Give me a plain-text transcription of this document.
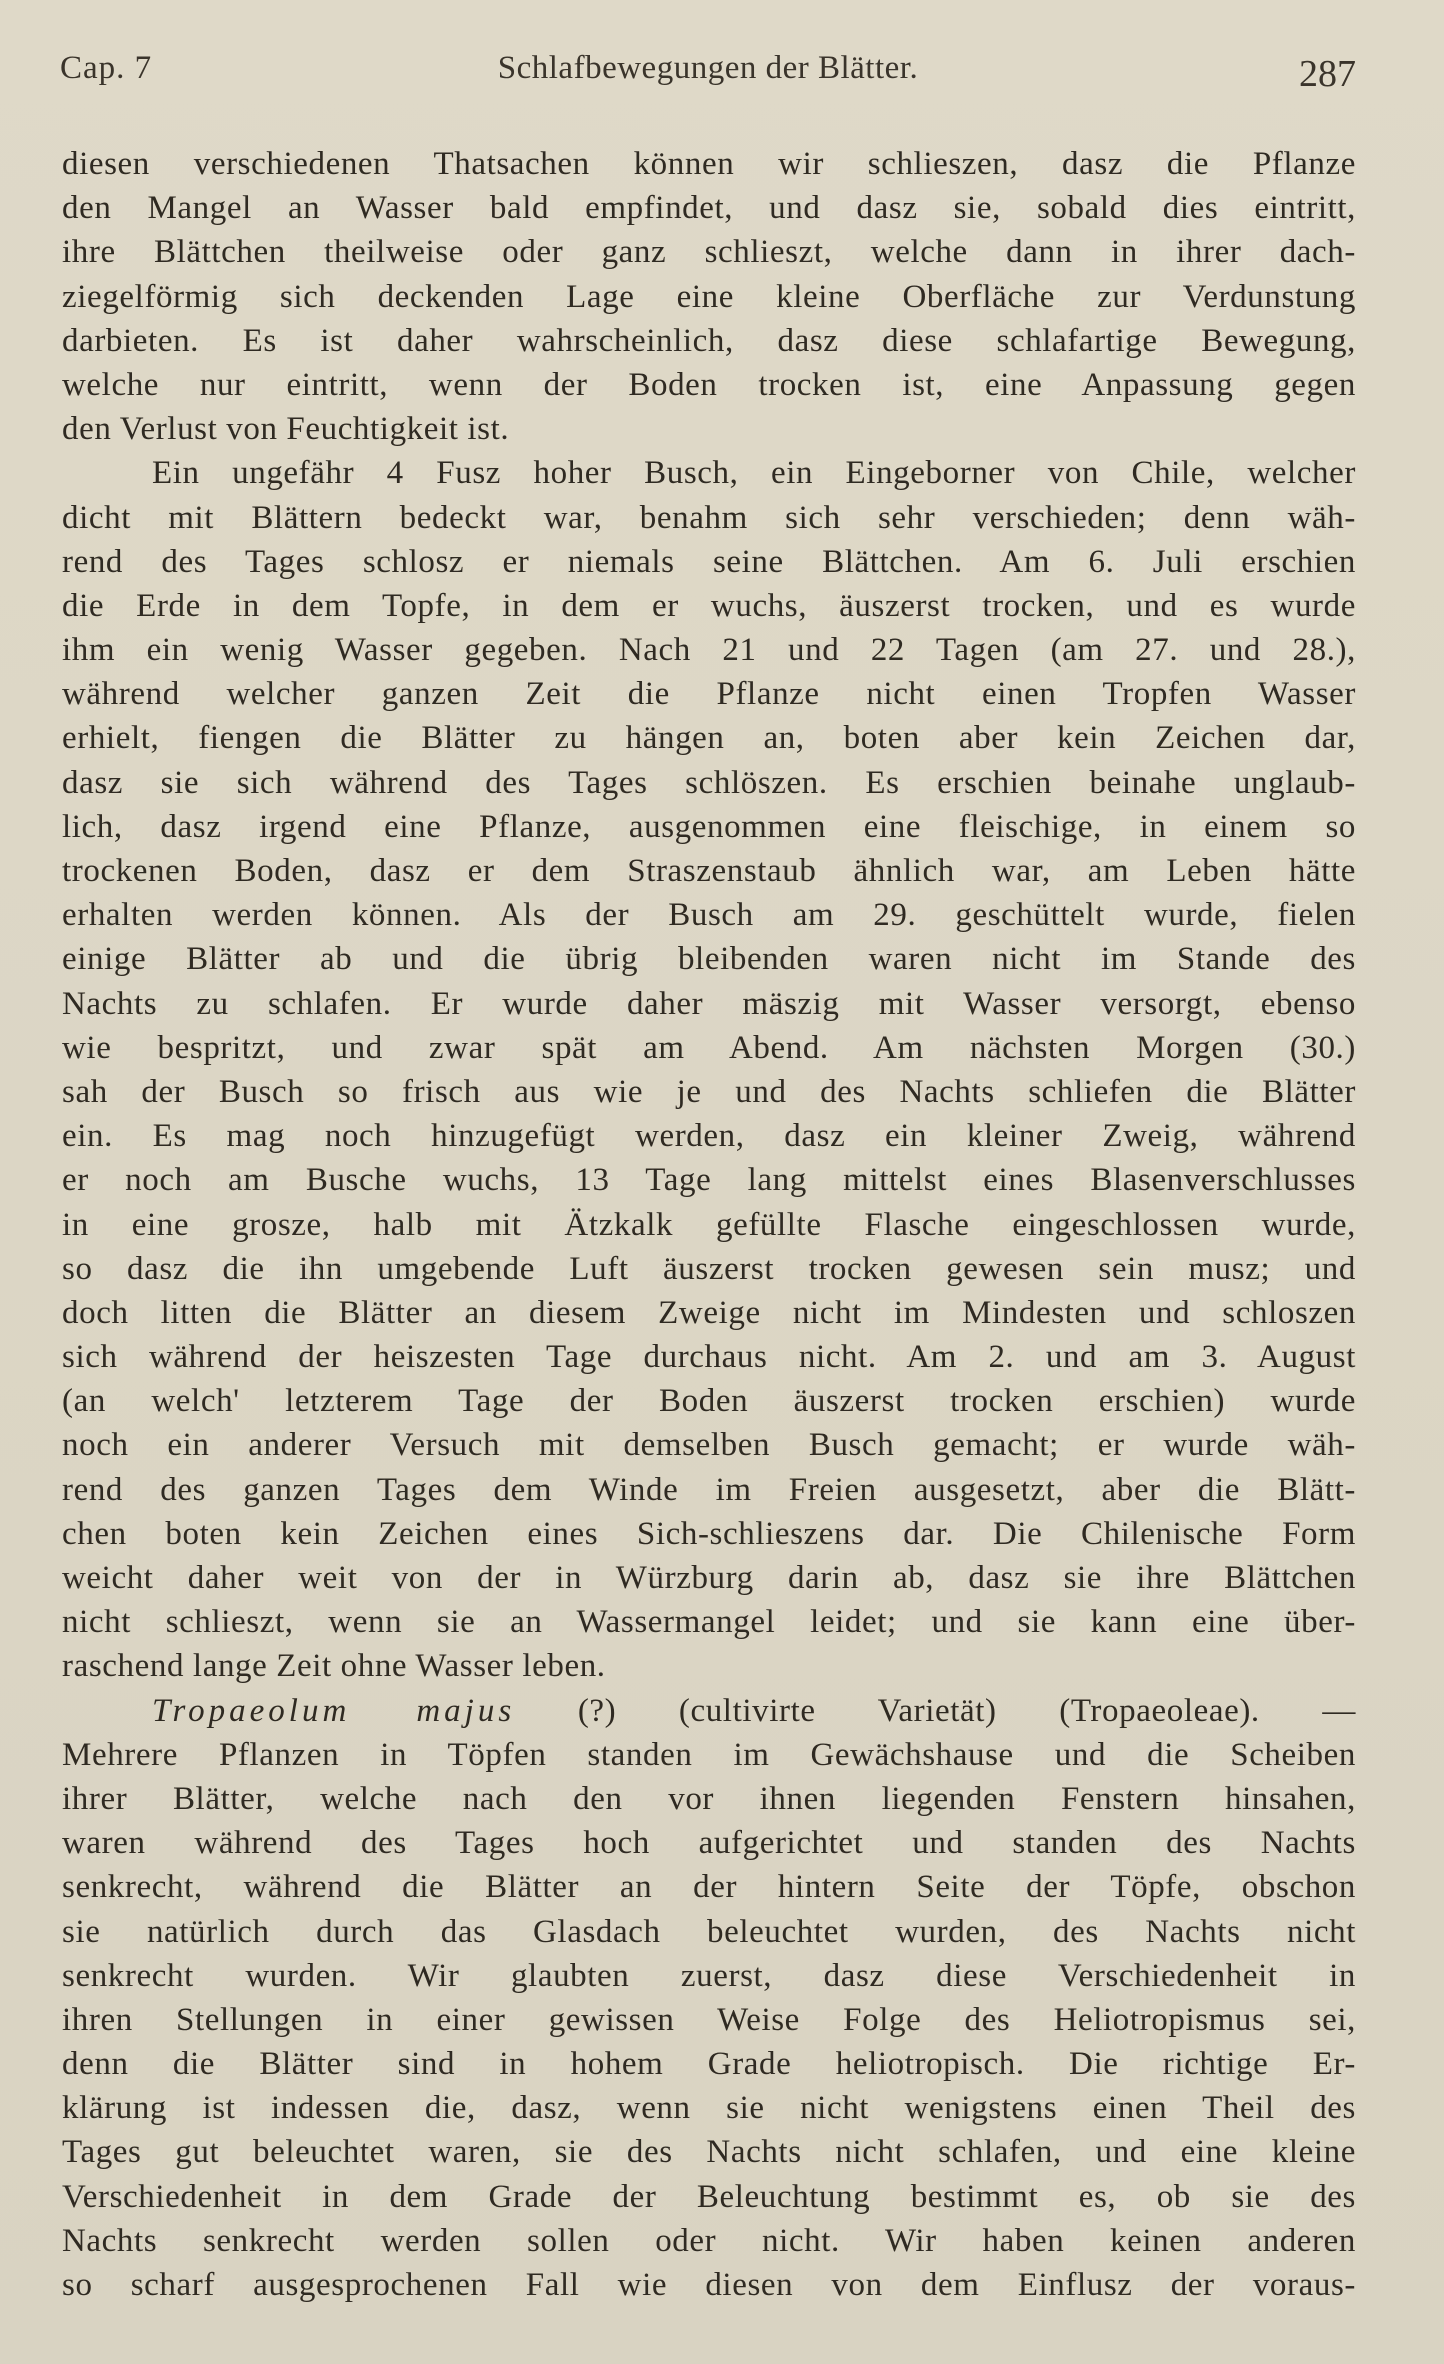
Cap. 7	Schlafbewegungen der Blätter.	287
diesen verschiedenen Thatsachen können wir schlieszen, dasz die Pflanze
den Mangel an Wasser bald empfindet, und dasz sie, sobald dies eintritt,
ihre Blättchen theilweise oder ganz schlieszt, welche dann in ihrer dach-
ziegelförmig sich deckenden Lage eine kleine Oberfläche zur Verdunstung
darbieten. Es ist daher wahrscheinlich, dasz diese schlafartige Bewegung,
welche nur eintritt, wenn der Boden trocken ist, eine Anpassung gegen
den Verlust von Feuchtigkeit ist.
Ein ungefähr 4 Fusz hoher Busch, ein Eingeborner von Chile, welcher
dicht mit Blättern bedeckt war, benahm sich sehr verschieden; denn wäh-
rend des Tages schlosz er niemals seine Blättchen. Am 6. Juli erschien
die Erde in dem Topfe, in dem er wuchs, äuszerst trocken, und es wurde
ihm ein wenig Wasser gegeben. Nach 21 und 22 Tagen (am 27. und 28.),
während welcher ganzen Zeit die Pflanze nicht einen Tropfen Wasser
erhielt, fiengen die Blätter zu hängen an, boten aber kein Zeichen dar,
dasz sie sich während des Tages schlöszen. Es erschien beinahe unglaub-
lich, dasz irgend eine Pflanze, ausgenommen eine fleischige, in einem so
trockenen Boden, dasz er dem Straszenstaub ähnlich war, am Leben hätte
erhalten werden können. Als der Busch am 29. geschüttelt wurde, fielen
einige Blätter ab und die übrig bleibenden waren nicht im Stande des
Nachts zu schlafen. Er wurde daher mäszig mit Wasser versorgt, ebenso
wie bespritzt, und zwar spät am Abend. Am nächsten Morgen (30.)
sah der Busch so frisch aus wie je und des Nachts schliefen die Blätter
ein. Es mag noch hinzugefügt werden, dasz ein kleiner Zweig, während
er noch am Busche wuchs, 13 Tage lang mittelst eines Blasenverschlusses
in eine grosze, halb mit Ätzkalk gefüllte Flasche eingeschlossen wurde,
so dasz die ihn umgebende Luft äuszerst trocken gewesen sein musz; und
doch litten die Blätter an diesem Zweige nicht im Mindesten und schloszen
sich während der heiszesten Tage durchaus nicht. Am 2. und am 3. August
(an welch' letzterem Tage der Boden äuszerst trocken erschien) wurde
noch ein anderer Versuch mit demselben Busch gemacht; er wurde wäh-
rend des ganzen Tages dem Winde im Freien ausgesetzt, aber die Blätt-
chen boten kein Zeichen eines Sich-schlieszens dar. Die Chilenische Form
weicht daher weit von der in Würzburg darin ab, dasz sie ihre Blättchen
nicht schlieszt, wenn sie an Wassermangel leidet; und sie kann eine über-
raschend lange Zeit ohne Wasser leben.
Tropaeolum majus (?) (cultivirte Varietät) (Tropaeoleae). —
Mehrere Pflanzen in Töpfen standen im Gewächshause und die Scheiben
ihrer Blätter, welche nach den vor ihnen liegenden Fenstern hinsahen,
waren während des Tages hoch aufgerichtet und standen des Nachts
senkrecht, während die Blätter an der hintern Seite der Töpfe, obschon
sie natürlich durch das Glasdach beleuchtet wurden, des Nachts nicht
senkrecht wurden. Wir glaubten zuerst, dasz diese Verschiedenheit in
ihren Stellungen in einer gewissen Weise Folge des Heliotropismus sei,
denn die Blätter sind in hohem Grade heliotropisch. Die richtige Er-
klärung ist indessen die, dasz, wenn sie nicht wenigstens einen Theil des
Tages gut beleuchtet waren, sie des Nachts nicht schlafen, und eine kleine
Verschiedenheit in dem Grade der Beleuchtung bestimmt es, ob sie des
Nachts senkrecht werden sollen oder nicht. Wir haben keinen anderen
so scharf ausgesprochenen Fall wie diesen von dem Einflusz der voraus-
